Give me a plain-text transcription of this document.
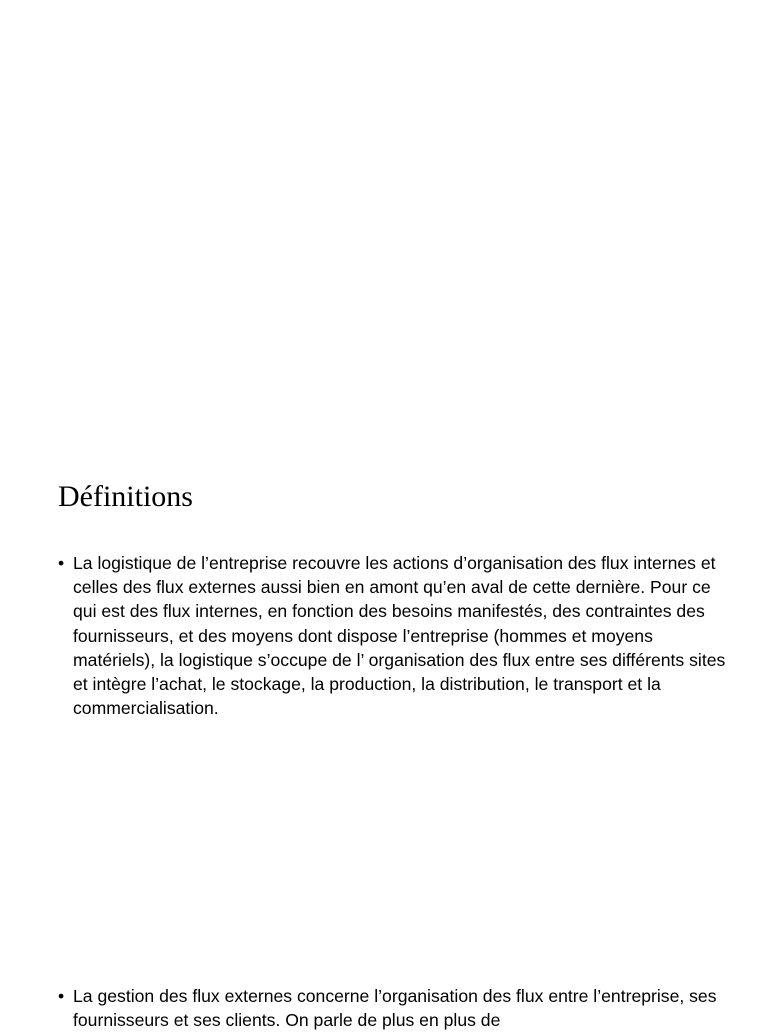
Définitions

• La logistique de l’entreprise recouvre les actions d’organisation des flux internes et celles des flux externes aussi bien en amont qu’en aval de cette dernière. Pour ce qui est des flux internes, en fonction des besoins manifestés, des contraintes des fournisseurs, et des moyens dont dispose l’entreprise (hommes et moyens matériels), la logistique s’occupe de l’ organisation des flux entre ses différents sites et intègre l’achat, le stockage, la production, la distribution, le transport et la commercialisation.

• La gestion des flux externes concerne l’organisation des flux entre l’entreprise, ses fournisseurs et ses clients. On parle de plus en plus de
